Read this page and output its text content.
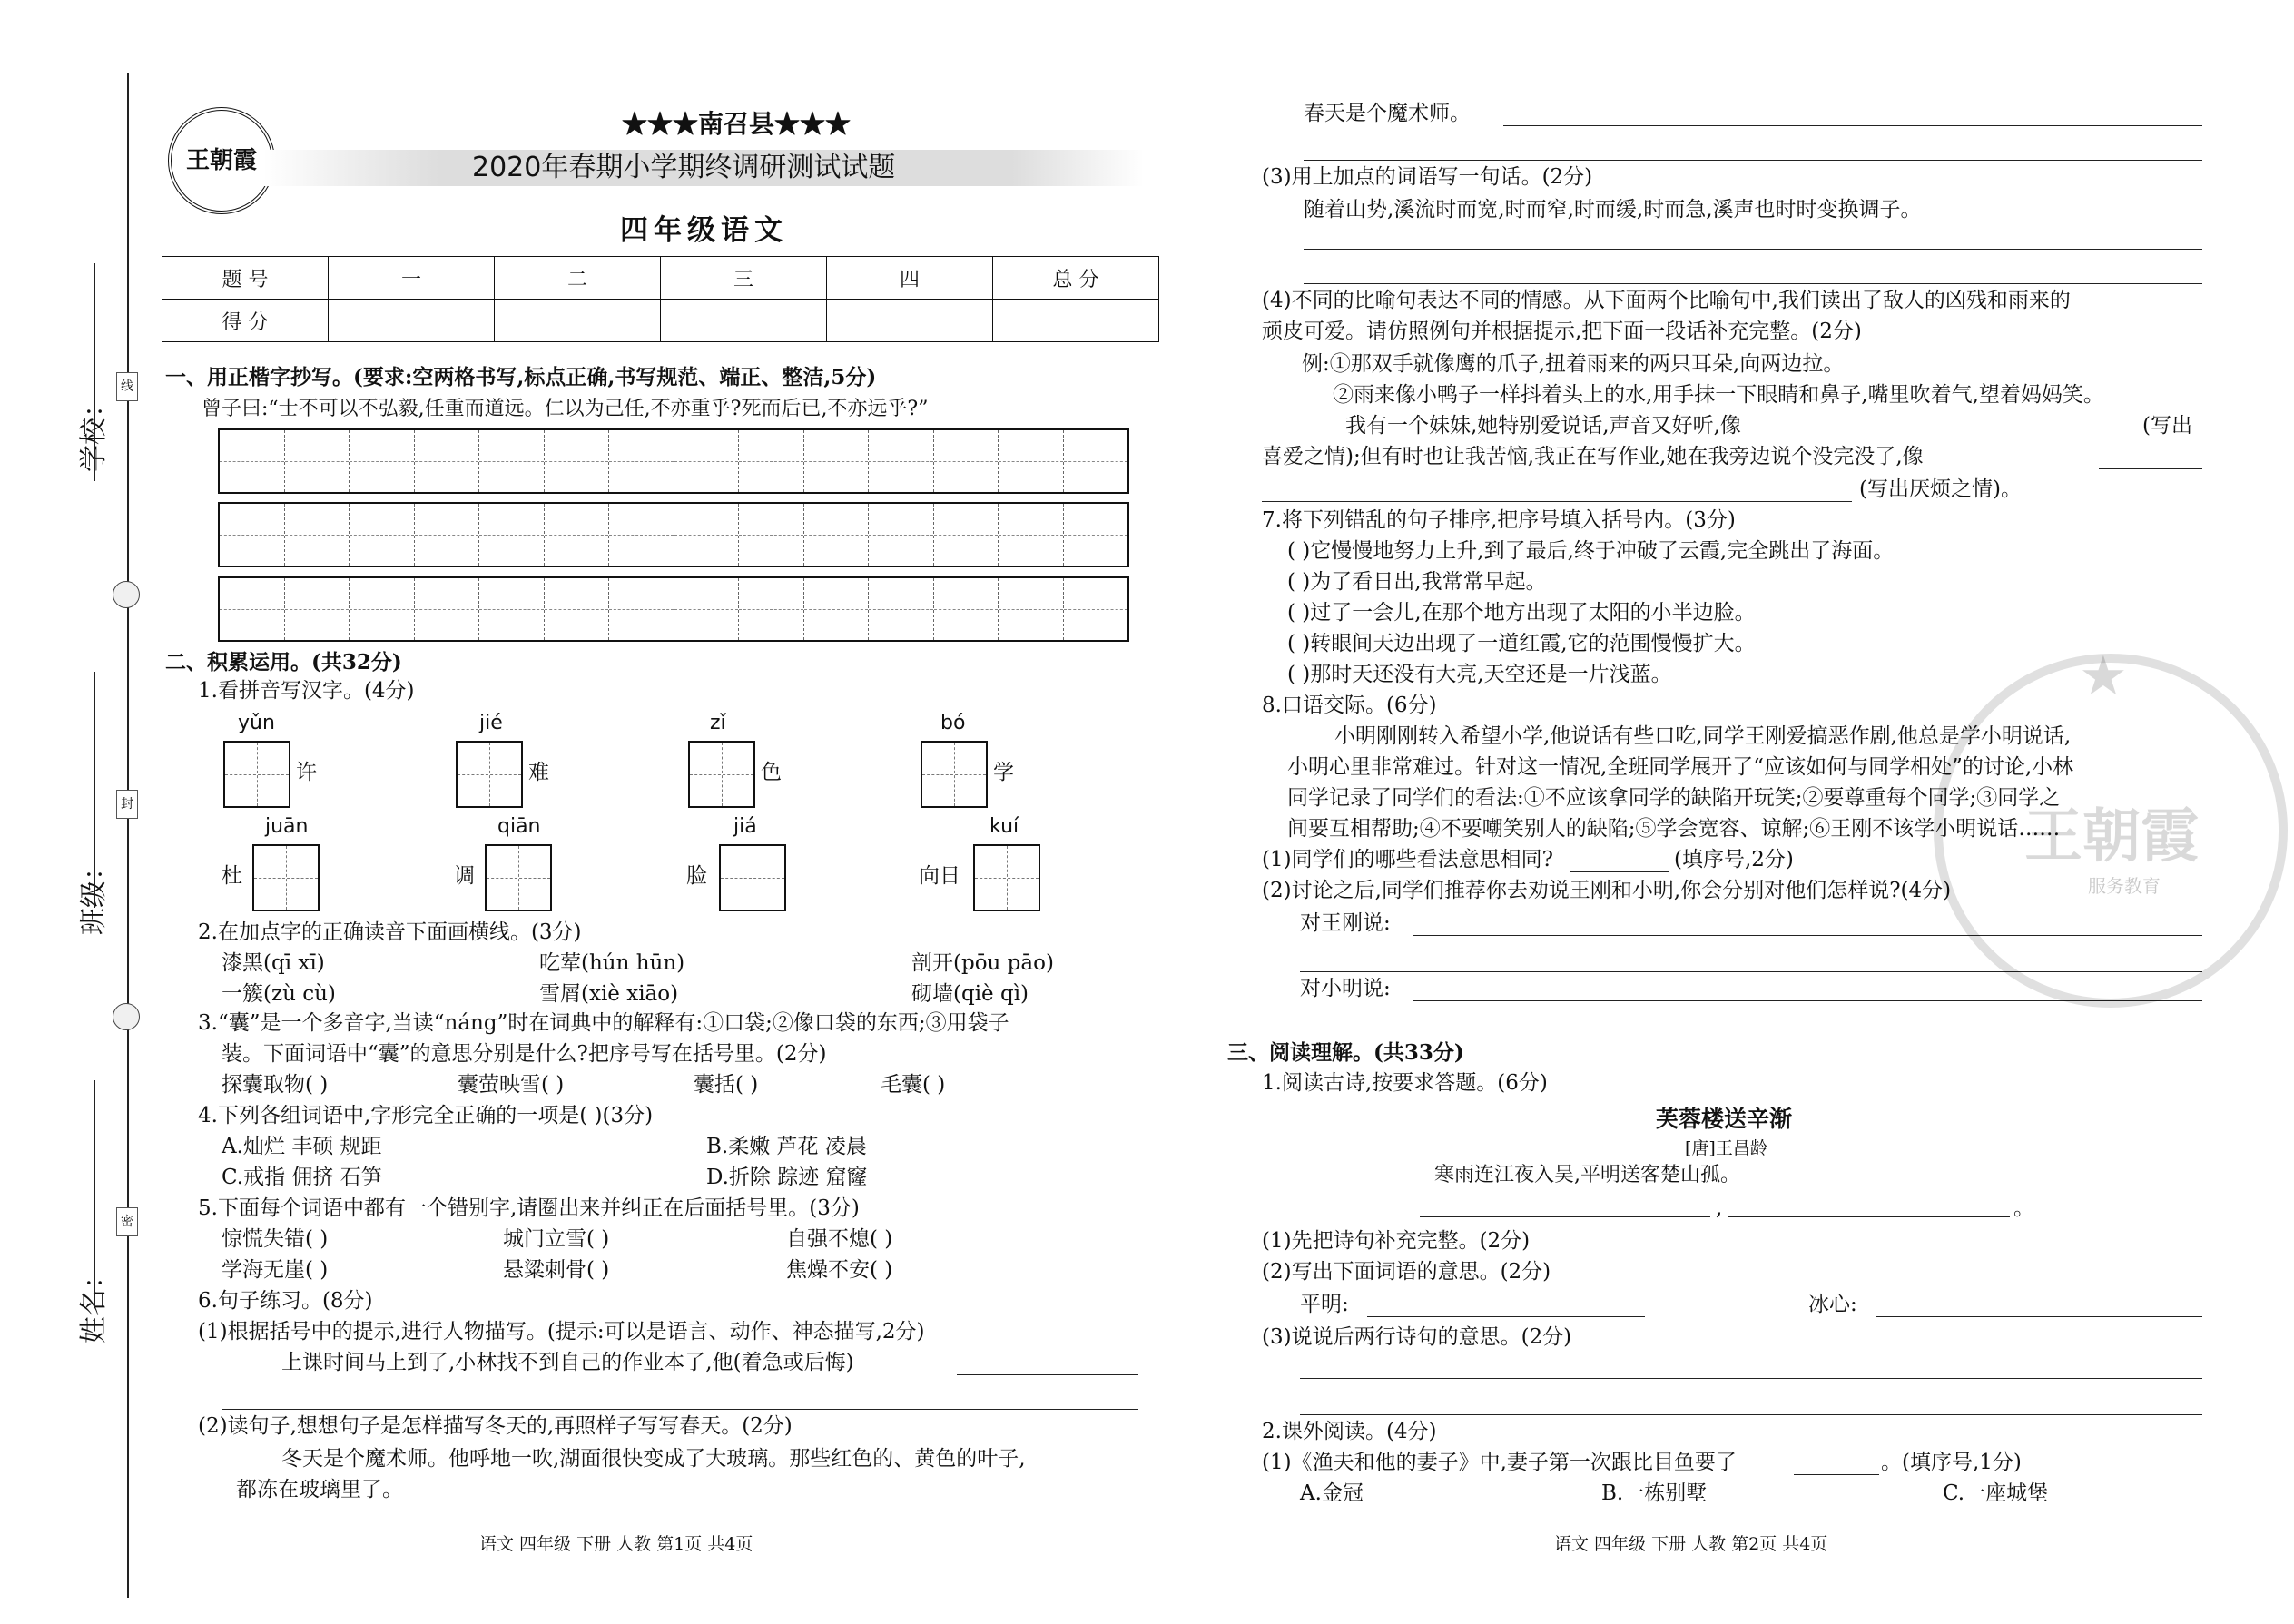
学校：
班级：
姓名：
线
封
密
王朝霞
★★★南召县★★★
2020年春期小学期终调研测试试题
四年级语文
题 号	一	二	三	四	总 分
得 分					
一、用正楷字抄写。(要求:空两格书写,标点正确,书写规范、端正、整洁,5分)
曾子曰:“士不可以不弘毅,任重而道远。仁以为己任,不亦重乎?死而后已,不亦远乎?”
二、积累运用。(共32分)
1.看拼音写汉字。(4分)
yǔn
许
jié
难
zǐ
色
bó
学
juān
杜
qiān
调
jiá
脸
kuí
向日
2.在加点字的正确读音下面画横线。(3分)
漆黑(qī xī)	吃荤(hún hūn)	剖开(pōu pāo)
一簇(zù cù)	雪屑(xiè xiāo)	砌墙(qiè qì)
3.“囊”是一个多音字,当读“náng”时在词典中的解释有:①口袋;②像口袋的东西;③用袋子
装。下面词语中“囊”的意思分别是什么?把序号写在括号里。(2分)
探囊取物( )	囊萤映雪( )	囊括( )	毛囊( )
4.下列各组词语中,字形完全正确的一项是( )(3分)
A.灿烂 丰硕 规距	B.柔嫩 芦花 凌晨
C.戒指 佣挤 石笋	D.折除 踪迹 窟窿
5.下面每个词语中都有一个错别字,请圈出来并纠正在后面括号里。(3分)
惊慌失错( )	城门立雪( )	自强不熄( )
学海无崖( )	悬粱刺骨( )	焦燥不安( )
6.句子练习。(8分)
(1)根据括号中的提示,进行人物描写。(提示:可以是语言、动作、神态描写,2分)
上课时间马上到了,小林找不到自己的作业本了,他(着急或后悔)
(2)读句子,想想句子是怎样描写冬天的,再照样子写写春天。(2分)
冬天是个魔术师。他呼地一吹,湖面很快变成了大玻璃。那些红色的、黄色的叶子,
都冻在玻璃里了。
语文 四年级 下册 人教 第1页 共4页
春天是个魔术师。
(3)用上加点的词语写一句话。(2分)
随着山势,溪流时而宽,时而窄,时而缓,时而急,溪声也时时变换调子。
(4)不同的比喻句表达不同的情感。从下面两个比喻句中,我们读出了敌人的凶残和雨来的
顽皮可爱。请仿照例句并根据提示,把下面一段话补充完整。(2分)
例:①那双手就像鹰的爪子,扭着雨来的两只耳朵,向两边拉。
②雨来像小鸭子一样抖着头上的水,用手抹一下眼睛和鼻子,嘴里吹着气,望着妈妈笑。
我有一个妹妹,她特别爱说话,声音又好听,像	(写出
喜爱之情);但有时也让我苦恼,我正在写作业,她在我旁边说个没完没了,像
(写出厌烦之情)。
7.将下列错乱的句子排序,把序号填入括号内。(3分)
( )它慢慢地努力上升,到了最后,终于冲破了云霞,完全跳出了海面。
( )为了看日出,我常常早起。
( )过了一会儿,在那个地方出现了太阳的小半边脸。
( )转眼间天边出现了一道红霞,它的范围慢慢扩大。
( )那时天还没有大亮,天空还是一片浅蓝。
8.口语交际。(6分)
小明刚刚转入希望小学,他说话有些口吃,同学王刚爱搞恶作剧,他总是学小明说话,
小明心里非常难过。针对这一情况,全班同学展开了“应该如何与同学相处”的讨论,小林
同学记录了同学们的看法:①不应该拿同学的缺陷开玩笑;②要尊重每个同学;③同学之
间要互相帮助;④不要嘲笑别人的缺陷;⑤学会宽容、谅解;⑥王刚不该学小明说话……
(1)同学们的哪些看法意思相同?	(填序号,2分)
(2)讨论之后,同学们推荐你去劝说王刚和小明,你会分别对他们怎样说?(4分)
对王刚说:
对小明说:
三、阅读理解。(共33分)
1.阅读古诗,按要求答题。(6分)
芙蓉楼送辛渐
[唐]王昌龄
寒雨连江夜入吴,平明送客楚山孤。
,	。
(1)先把诗句补充完整。(2分)
(2)写出下面词语的意思。(2分)
平明:	冰心:
(3)说说后两行诗句的意思。(2分)
2.课外阅读。(4分)
(1)《渔夫和他的妻子》中,妻子第一次跟比目鱼要了	。(填序号,1分)
A.金冠	B.一栋别墅	C.一座城堡
★
王朝霞
服务教育
语文 四年级 下册 人教 第2页 共4页
